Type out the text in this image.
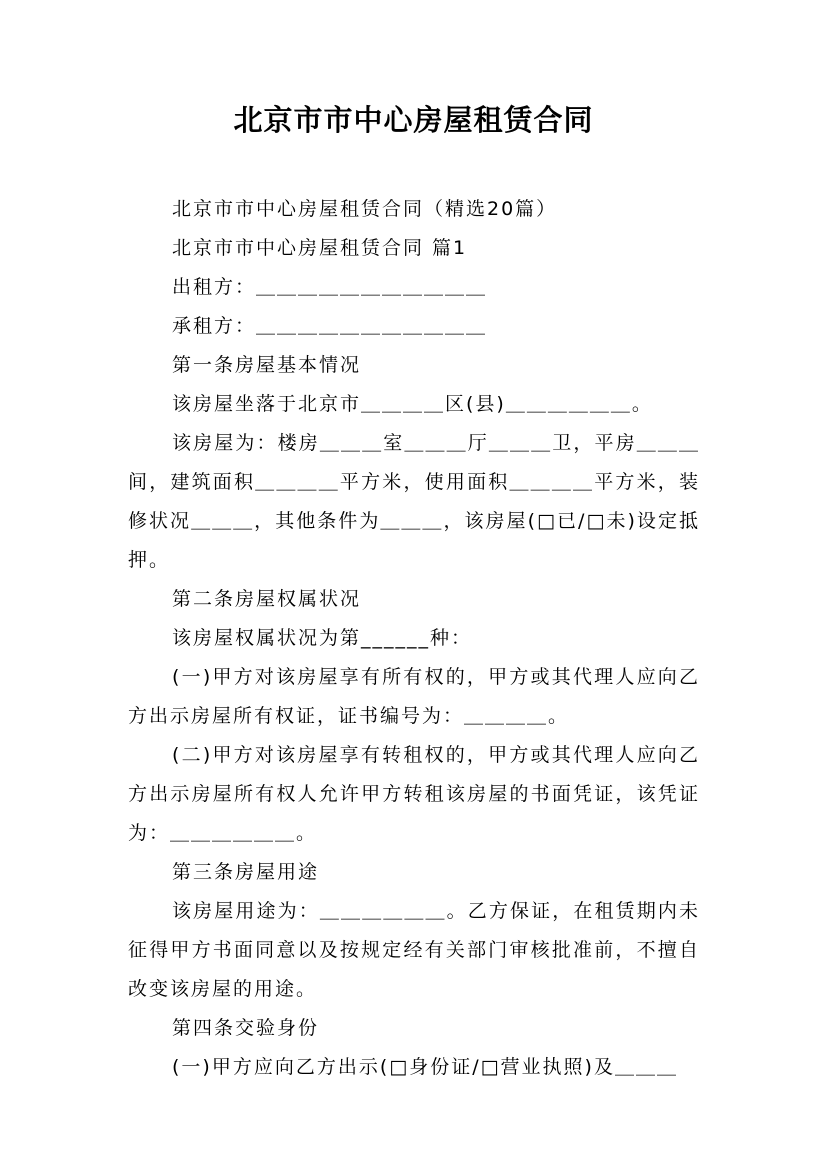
北京市市中心房屋租赁合同

北京市市中心房屋租赁合同（精选20篇）

北京市市中心房屋租赁合同 篇1

出租方：＿＿＿＿＿＿＿＿＿＿＿

承租方：＿＿＿＿＿＿＿＿＿＿＿

第一条房屋基本情况

该房屋坐落于北京市＿＿＿＿区(县)＿＿＿＿＿＿。

该房屋为：楼房＿＿＿室＿＿＿厅＿＿＿卫，平房＿＿＿间，建筑面积＿＿＿＿平方米，使用面积＿＿＿＿平方米，装修状况＿＿＿，其他条件为＿＿＿，该房屋(□已/□未)设定抵押。

第二条房屋权属状况

该房屋权属状况为第______种：

(一)甲方对该房屋享有所有权的，甲方或其代理人应向乙方出示房屋所有权证，证书编号为：＿＿＿＿。

(二)甲方对该房屋享有转租权的，甲方或其代理人应向乙方出示房屋所有权人允许甲方转租该房屋的书面凭证，该凭证为：＿＿＿＿＿＿。

第三条房屋用途

该房屋用途为：＿＿＿＿＿＿。乙方保证，在租赁期内未征得甲方书面同意以及按规定经有关部门审核批准前，不擅自改变该房屋的用途。

第四条交验身份

(一)甲方应向乙方出示(□身份证/□营业执照)及＿＿＿
